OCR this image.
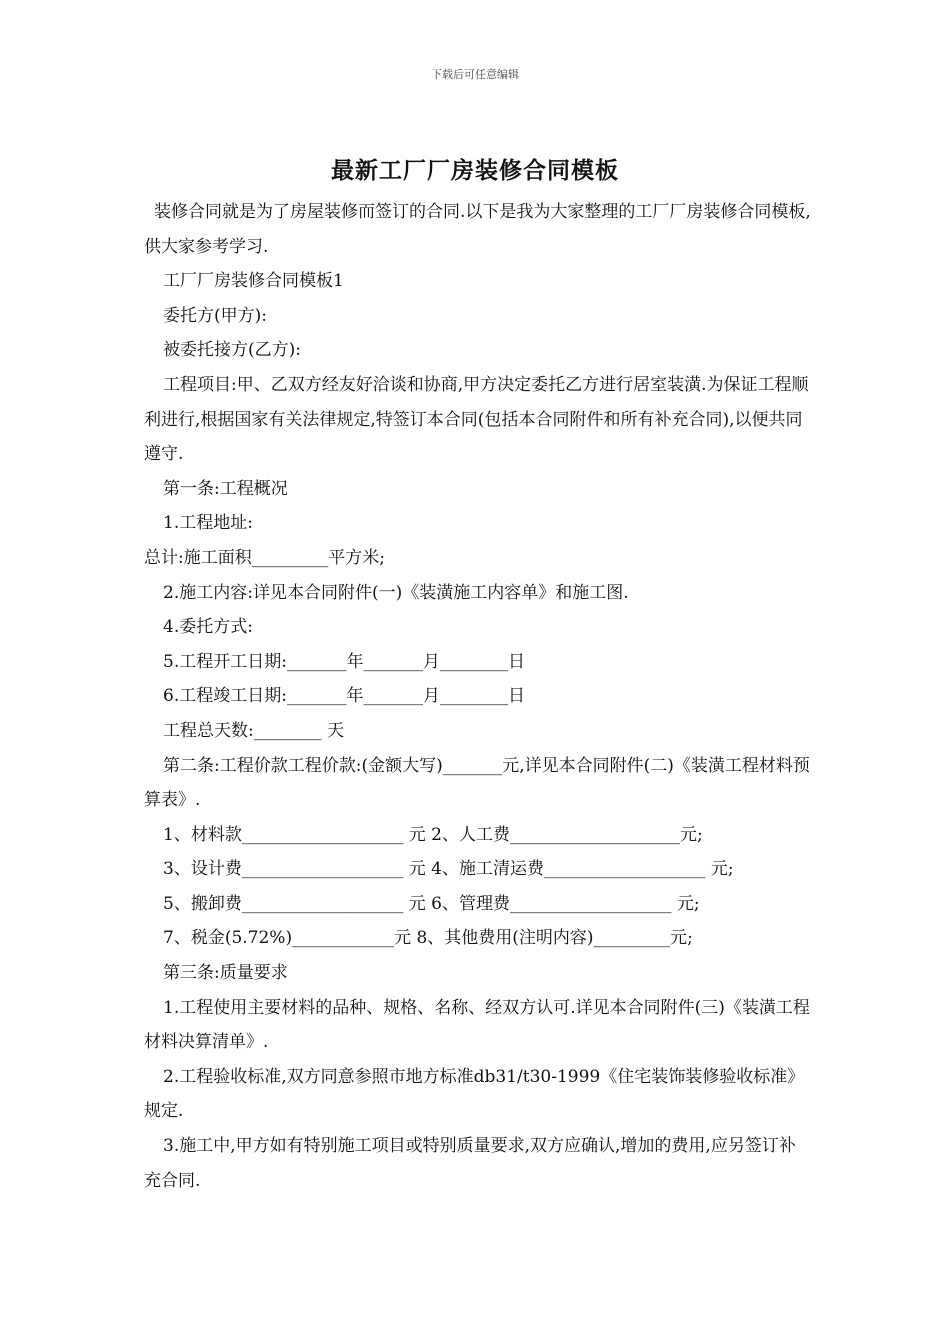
下载后可任意编辑
最新工厂厂房装修合同模板

装修合同就是为了房屋装修而签订的合同.以下是我为大家整理的工厂厂房装修合同模板,供大家参考学习.

工厂厂房装修合同模板1

委托方(甲方):

被委托接方(乙方):

工程项目:甲、乙双方经友好洽谈和协商,甲方决定委托乙方进行居室装潢.为保证工程顺利进行,根据国家有关法律规定,特签订本合同(包括本合同附件和所有补充合同),以便共同遵守.

第一条:工程概况

1.工程地址:

总计:施工面积_________平方米;

2.施工内容:详见本合同附件(一)《装潢施工内容单》和施工图.

4.委托方式:

5.工程开工日期:_______年_______月________日

6.工程竣工日期:_______年_______月________日

工程总天数:________ 天

第二条:工程价款工程价款:(金额大写)_______元,详见本合同附件(二)《装潢工程材料预算表》.

1、材料款___________________ 元 2、人工费____________________元;

3、设计费___________________ 元 4、施工清运费___________________ 元;

5、搬卸费___________________ 元 6、管理费___________________ 元;

7、税金(5.72%)____________元 8、其他费用(注明内容)_________元;

第三条:质量要求

1.工程使用主要材料的品种、规格、名称、经双方认可.详见本合同附件(三)《装潢工程材料决算清单》.

2.工程验收标准,双方同意参照市地方标准db31/t30-1999《住宅装饰装修验收标准》规定.

3.施工中,甲方如有特别施工项目或特别质量要求,双方应确认,增加的费用,应另签订补充合同.
